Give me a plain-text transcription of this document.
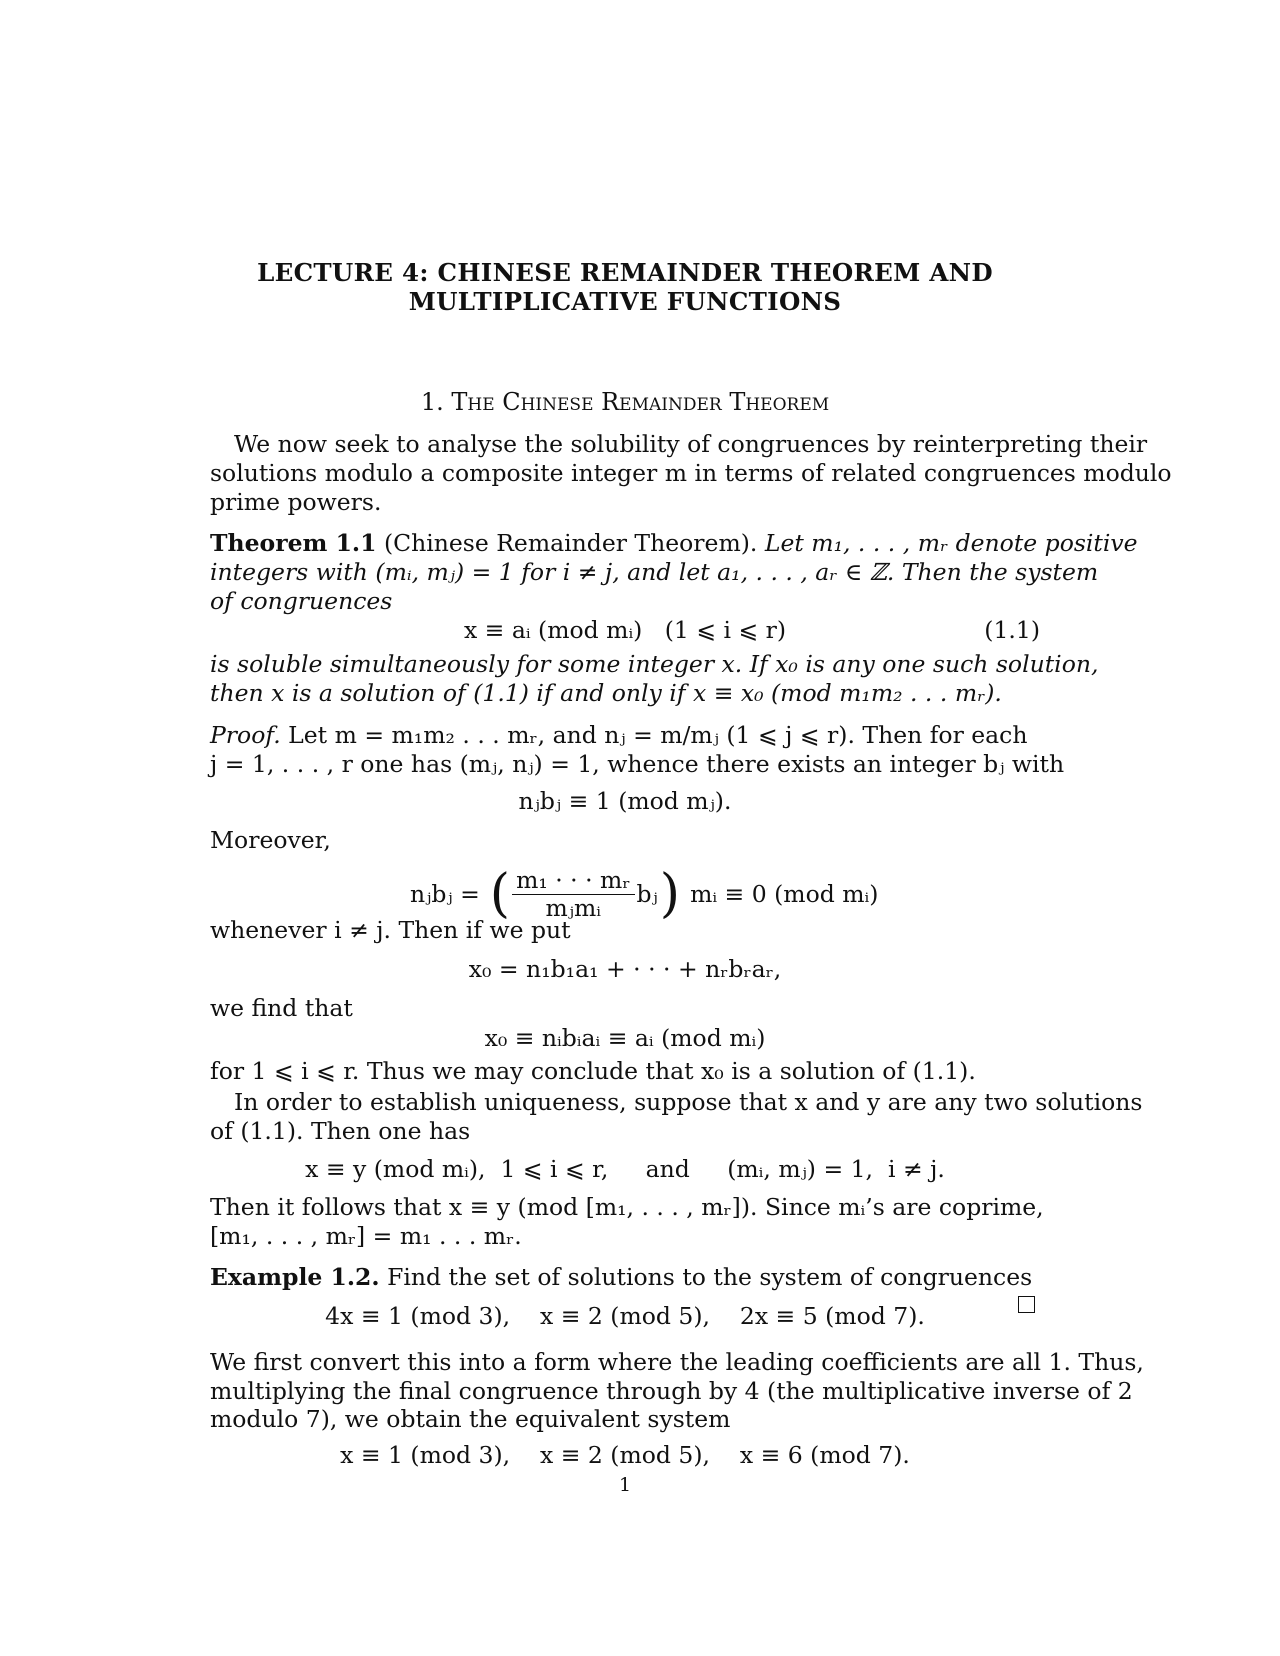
LECTURE 4: CHINESE REMAINDER THEOREM AND
MULTIPLICATIVE FUNCTIONS
1. The Chinese Remainder Theorem
We now seek to analyse the solubility of congruences by reinterpreting their
solutions modulo a composite integer m in terms of related congruences modulo
prime powers.
Theorem 1.1 (Chinese Remainder Theorem). Let m₁, . . . , mᵣ denote positive
integers with (mᵢ, mⱼ) = 1 for i ≠ j, and let a₁, . . . , aᵣ ∈ ℤ. Then the system
of congruences
x ≡ aᵢ (mod mᵢ)   (1 ⩽ i ⩽ r)	(1.1)
is soluble simultaneously for some integer x. If x₀ is any one such solution,
then x is a solution of (1.1) if and only if x ≡ x₀ (mod m₁m₂ . . . mᵣ).
Proof. Let m = m₁m₂ . . . mᵣ, and nⱼ = m/mⱼ (1 ⩽ j ⩽ r). Then for each
j = 1, . . . , r one has (mⱼ, nⱼ) = 1, whence there exists an integer bⱼ with
nⱼbⱼ ≡ 1 (mod mⱼ).
Moreover,
nⱼbⱼ = ( m₁ · · · mᵣ
mⱼmᵢ bⱼ ) mᵢ ≡ 0 (mod mᵢ)
whenever i ≠ j. Then if we put
x₀ = n₁b₁a₁ + · · · + nᵣbᵣaᵣ,
we find that
x₀ ≡ nᵢbᵢaᵢ ≡ aᵢ (mod mᵢ)
for 1 ⩽ i ⩽ r. Thus we may conclude that x₀ is a solution of (1.1).
In order to establish uniqueness, suppose that x and y are any two solutions
of (1.1). Then one has
x ≡ y (mod mᵢ),  1 ⩽ i ⩽ r,     and     (mᵢ, mⱼ) = 1,  i ≠ j.
Then it follows that x ≡ y (mod [m₁, . . . , mᵣ]). Since mᵢ’s are coprime,
[m₁, . . . , mᵣ] = m₁ . . . mᵣ.
Example 1.2. Find the set of solutions to the system of congruences
4x ≡ 1 (mod 3),    x ≡ 2 (mod 5),    2x ≡ 5 (mod 7).
We first convert this into a form where the leading coefficients are all 1. Thus,
multiplying the final congruence through by 4 (the multiplicative inverse of 2
modulo 7), we obtain the equivalent system
x ≡ 1 (mod 3),    x ≡ 2 (mod 5),    x ≡ 6 (mod 7).
1
